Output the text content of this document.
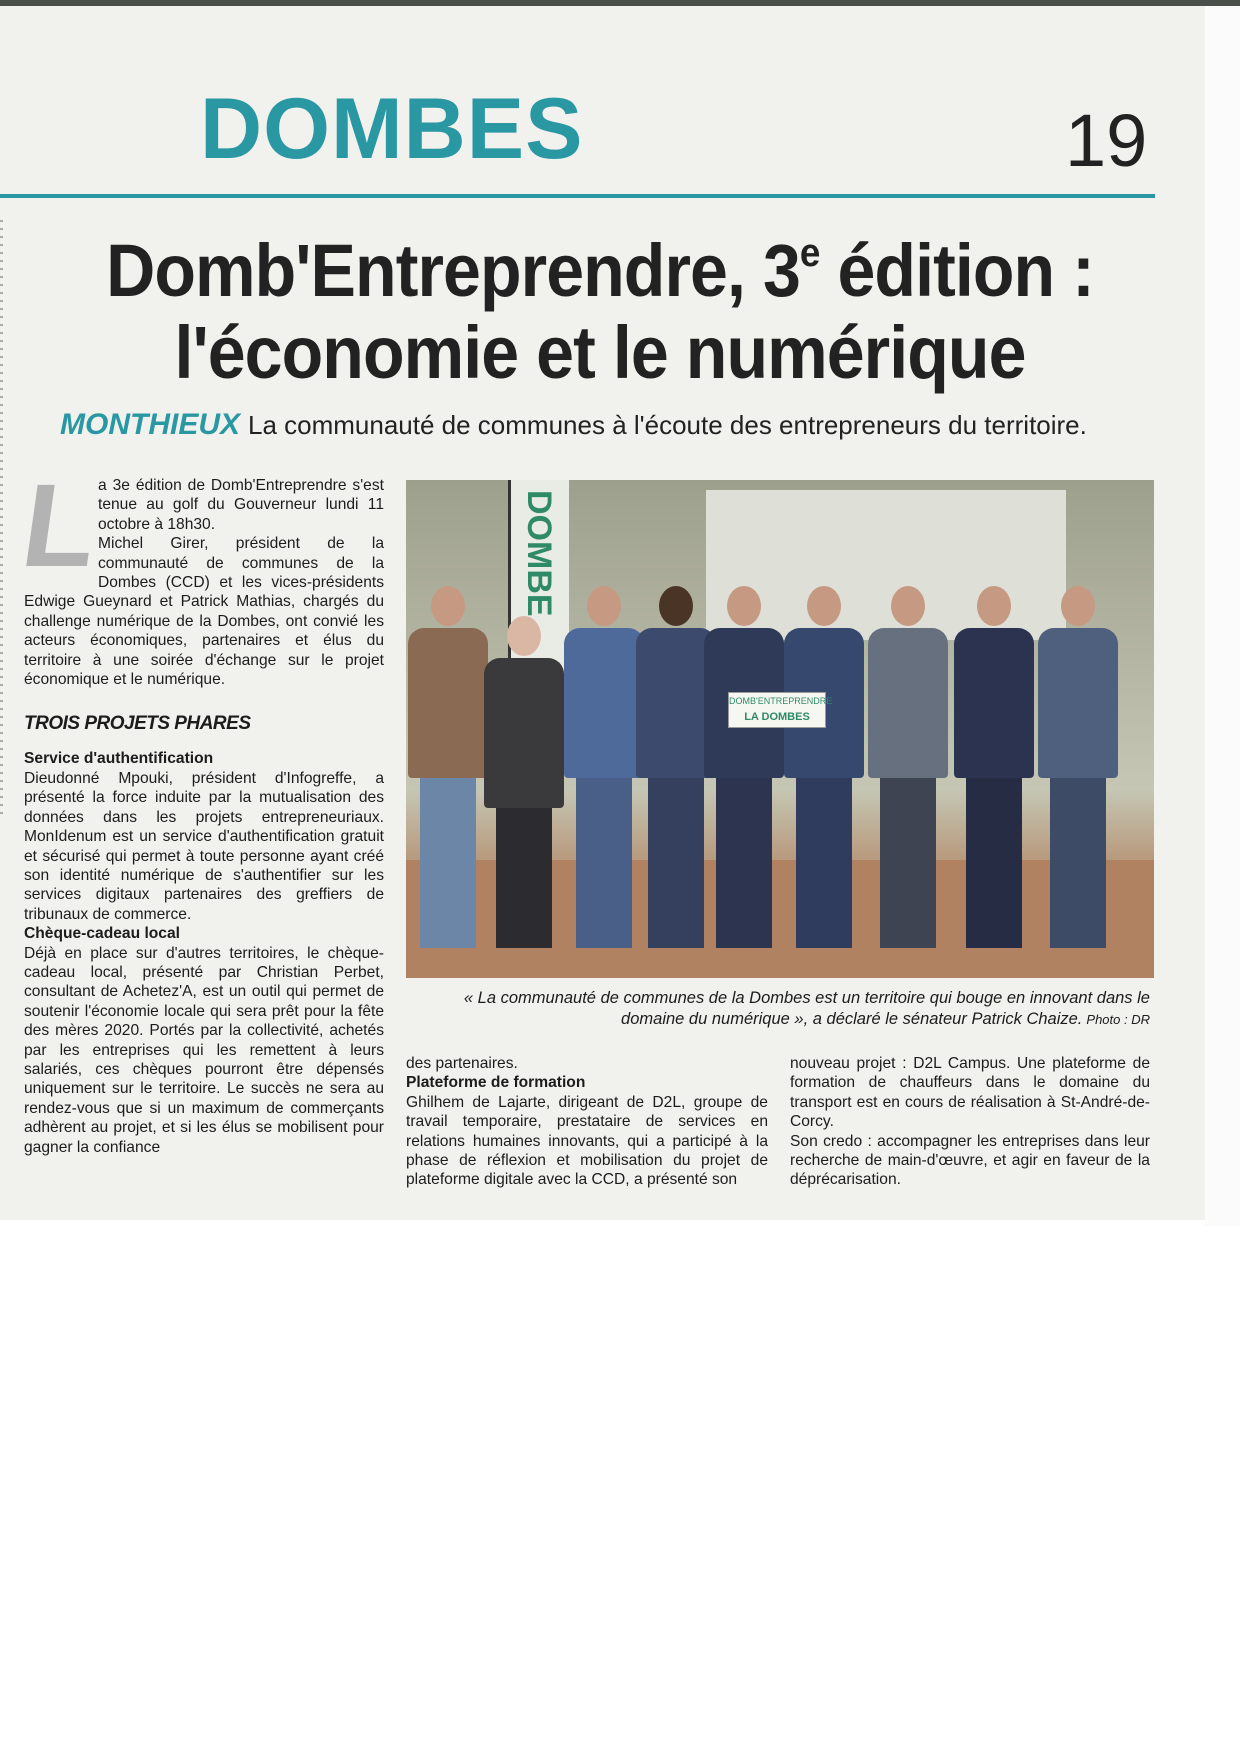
DOMBES	19
Domb'Entreprendre, 3e édition :
l'économie et le numérique
MONTHIEUX La communauté de communes à l'écoute des entrepreneurs du territoire.
L

a 3e édition de Domb'Entreprendre s'est tenue au golf du Gouverneur lundi 11 octobre à 18h30.

Michel Girer, président de la communauté de communes de la Dombes (CCD) et les vices-présidents Edwige Gueynard et Patrick Mathias, chargés du challenge numérique de la Dombes, ont convié les acteurs économiques, partenaires et élus du territoire à une soirée d'échange sur le projet économique et le numérique.

TROIS PROJETS PHARES
Service d'authentification

Dieudonné Mpouki, président d'Infogreffe, a présenté la force induite par la mutualisation des données dans les projets entrepreneuriaux. MonIdenum est un service d'authentification gratuit et sécurisé qui permet à toute personne ayant créé son identité numérique de s'authentifier sur les services digitaux partenaires des greffiers de tribunaux de commerce.

Chèque-cadeau local

Déjà en place sur d'autres territoires, le chèque-cadeau local, présenté par Christian Perbet, consultant de Achetez'A, est un outil qui permet de soutenir l'économie locale qui sera prêt pour la fête des mères 2020. Portés par la collectivité, achetés par les entreprises qui les remettent à leurs salariés, ces chèques pourront être dépensés uniquement sur le territoire. Le succès ne sera au rendez-vous que si un maximum de commerçants adhèrent au projet, et si les élus se mobilisent pour gagner la confiance

DOMBE
DOMB'ENTREPRENDRE
LA DOMBES
« La communauté de communes de la Dombes est un territoire qui bouge en innovant dans le domaine du numérique », a déclaré le sénateur Patrick Chaize. Photo : DR

des partenaires.

Plateforme de formation

Ghilhem de Lajarte, dirigeant de D2L, groupe de travail temporaire, prestataire de services en relations humaines innovants, qui a participé à la phase de réflexion et mobilisation du projet de plateforme digitale avec la CCD, a présenté son

nouveau projet : D2L Campus. Une plateforme de formation de chauffeurs dans le domaine du transport est en cours de réalisation à St-André-de-Corcy.

Son credo : accompagner les entreprises dans leur recherche de main-d'œuvre, et agir en faveur de la déprécarisation.
